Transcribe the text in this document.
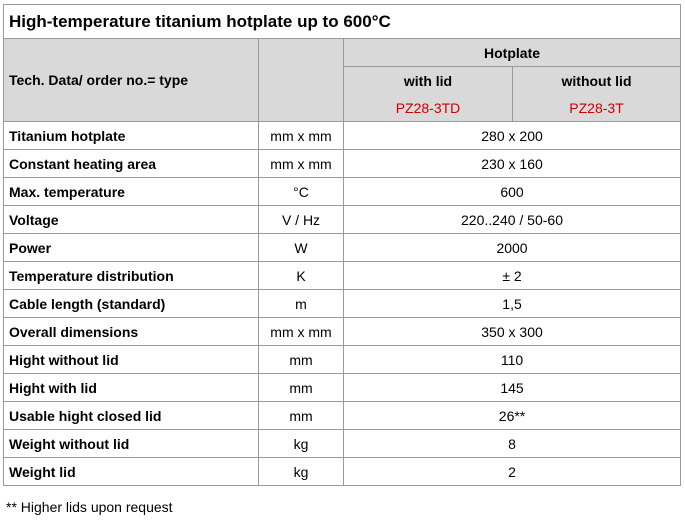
High-temperature titanium hotplate up to 600°C			
Tech. Data/ order no.= type		Hotplate	
		with lid	without lid
		PZ28-3TD	PZ28-3T
Titanium hotplate	mm x mm	280 x 200	
Constant heating area	mm x mm	230 x 160	
Max. temperature	°C	600	
Voltage	V / Hz	220..240 / 50-60	
Power	W	2000	
Temperature distribution	K	± 2	
Cable length (standard)	m	1,5	
Overall dimensions	mm x mm	350 x 300	
Hight without lid	mm	110	
Hight with lid	mm	145	
Usable hight closed lid	mm	26**	
Weight without lid	kg	8	
Weight lid	kg	2	
** Higher lids upon request
